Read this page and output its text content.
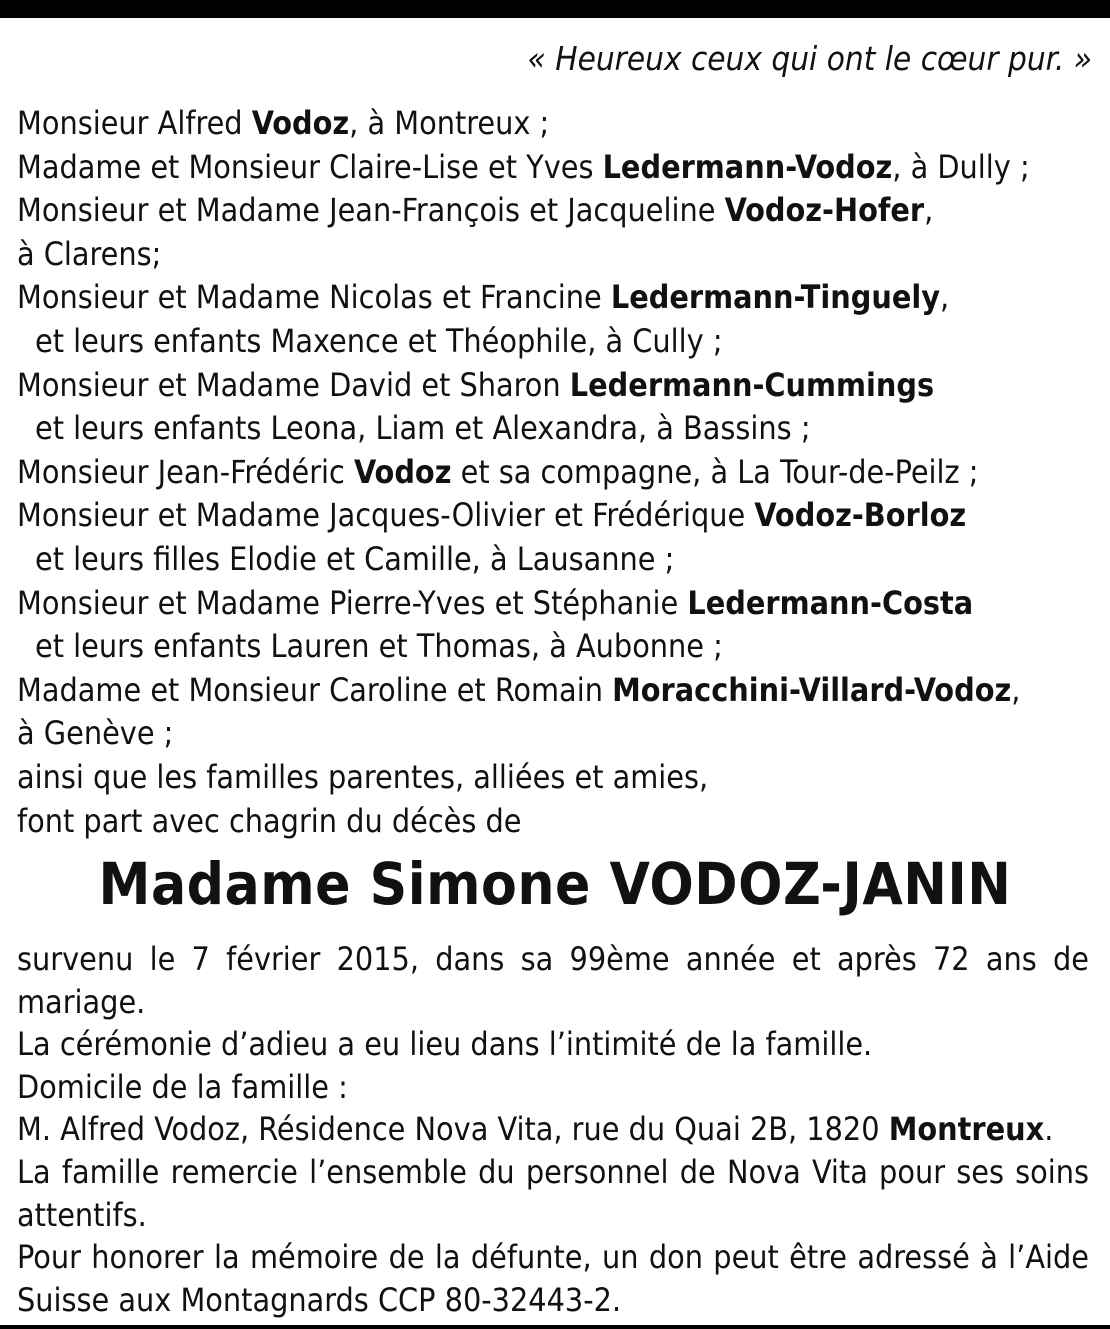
« Heureux ceux qui ont le cœur pur. »
Monsieur Alfred Vodoz, à Montreux ;
Madame et Monsieur Claire-Lise et Yves Ledermann-Vodoz, à Dully ;
Monsieur et Madame Jean-François et Jacqueline Vodoz-Hofer,
à Clarens;
Monsieur et Madame Nicolas et Francine Ledermann-Tinguely,
et leurs enfants Maxence et Théophile, à Cully ;
Monsieur et Madame David et Sharon Ledermann-Cummings
et leurs enfants Leona, Liam et Alexandra, à Bassins ;
Monsieur Jean-Frédéric Vodoz et sa compagne, à La Tour-de-Peilz ;
Monsieur et Madame Jacques-Olivier et Frédérique Vodoz-Borloz
et leurs filles Elodie et Camille, à Lausanne ;
Monsieur et Madame Pierre-Yves et Stéphanie Ledermann-Costa
et leurs enfants Lauren et Thomas, à Aubonne ;
Madame et Monsieur Caroline et Romain Moracchini-Villard-Vodoz,
à Genève ;
ainsi que les familles parentes, alliées et amies,
font part avec chagrin du décès de
Madame Simone VODOZ-JANIN
survenu le 7 février 2015, dans sa 99ème année et après 72 ans de mariage.
La cérémonie d’adieu a eu lieu dans l’intimité de la famille.
Domicile de la famille :
M. Alfred Vodoz, Résidence Nova Vita, rue du Quai 2B, 1820 Montreux.
La famille remercie l’ensemble du personnel de Nova Vita pour ses soins attentifs.
Pour honorer la mémoire de la défunte, un don peut être adressé à l’Aide Suisse aux Montagnards CCP 80-32443-2.
